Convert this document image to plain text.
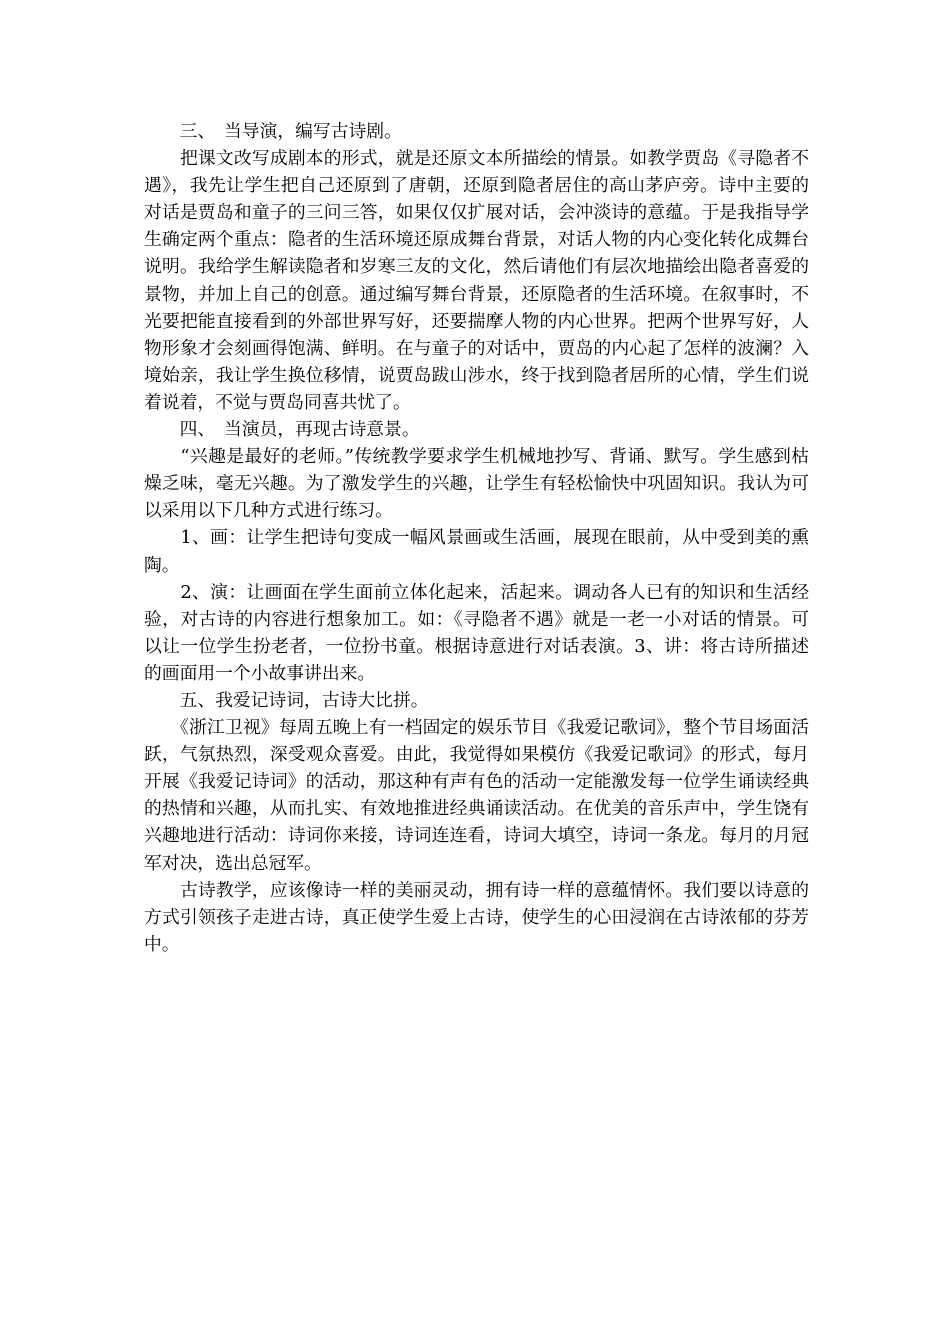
　　三、　当导演，编写古诗剧。

　　把课文改写成剧本的形式，就是还原文本所描绘的情景。如教学贾岛《寻隐者不遇》，我先让学生把自己还原到了唐朝，还原到隐者居住的高山茅庐旁。诗中主要的对话是贾岛和童子的三问三答，如果仅仅扩展对话，会冲淡诗的意蕴。于是我指导学生确定两个重点：隐者的生活环境还原成舞台背景，对话人物的内心变化转化成舞台说明。我给学生解读隐者和岁寒三友的文化，然后请他们有层次地描绘出隐者喜爱的景物，并加上自己的创意。通过编写舞台背景，还原隐者的生活环境。在叙事时，不光要把能直接看到的外部世界写好，还要揣摩人物的内心世界。把两个世界写好，人物形象才会刻画得饱满、鲜明。在与童子的对话中，贾岛的内心起了怎样的波澜？入境始亲，我让学生换位移情，说贾岛跋山涉水，终于找到隐者居所的心情，学生们说着说着，不觉与贾岛同喜共忧了。

　　四、　当演员，再现古诗意景。

　　“兴趣是最好的老师。”传统教学要求学生机械地抄写、背诵、默写。学生感到枯燥乏味，毫无兴趣。为了激发学生的兴趣，让学生有轻松愉快中巩固知识。我认为可以采用以下几种方式进行练习。

　　1、画：让学生把诗句变成一幅风景画或生活画，展现在眼前，从中受到美的熏陶。

　　2、演：让画面在学生面前立体化起来，活起来。调动各人已有的知识和生活经验，对古诗的内容进行想象加工。如：《寻隐者不遇》就是一老一小对话的情景。可以让一位学生扮老者，一位扮书童。根据诗意进行对话表演。3、讲：将古诗所描述的画面用一个小故事讲出来。

　　五、我爱记诗词，古诗大比拼。

　　《浙江卫视》每周五晚上有一档固定的娱乐节目《我爱记歌词》，整个节目场面活跃，气氛热烈，深受观众喜爱。由此，我觉得如果模仿《我爱记歌词》的形式，每月开展《我爱记诗词》的活动，那这种有声有色的活动一定能激发每一位学生诵读经典的热情和兴趣，从而扎实、有效地推进经典诵读活动。在优美的音乐声中，学生饶有兴趣地进行活动：诗词你来接，诗词连连看，诗词大填空，诗词一条龙。每月的月冠军对决，选出总冠军。

　　古诗教学，应该像诗一样的美丽灵动，拥有诗一样的意蕴情怀。我们要以诗意的方式引领孩子走进古诗，真正使学生爱上古诗，使学生的心田浸润在古诗浓郁的芬芳中。
